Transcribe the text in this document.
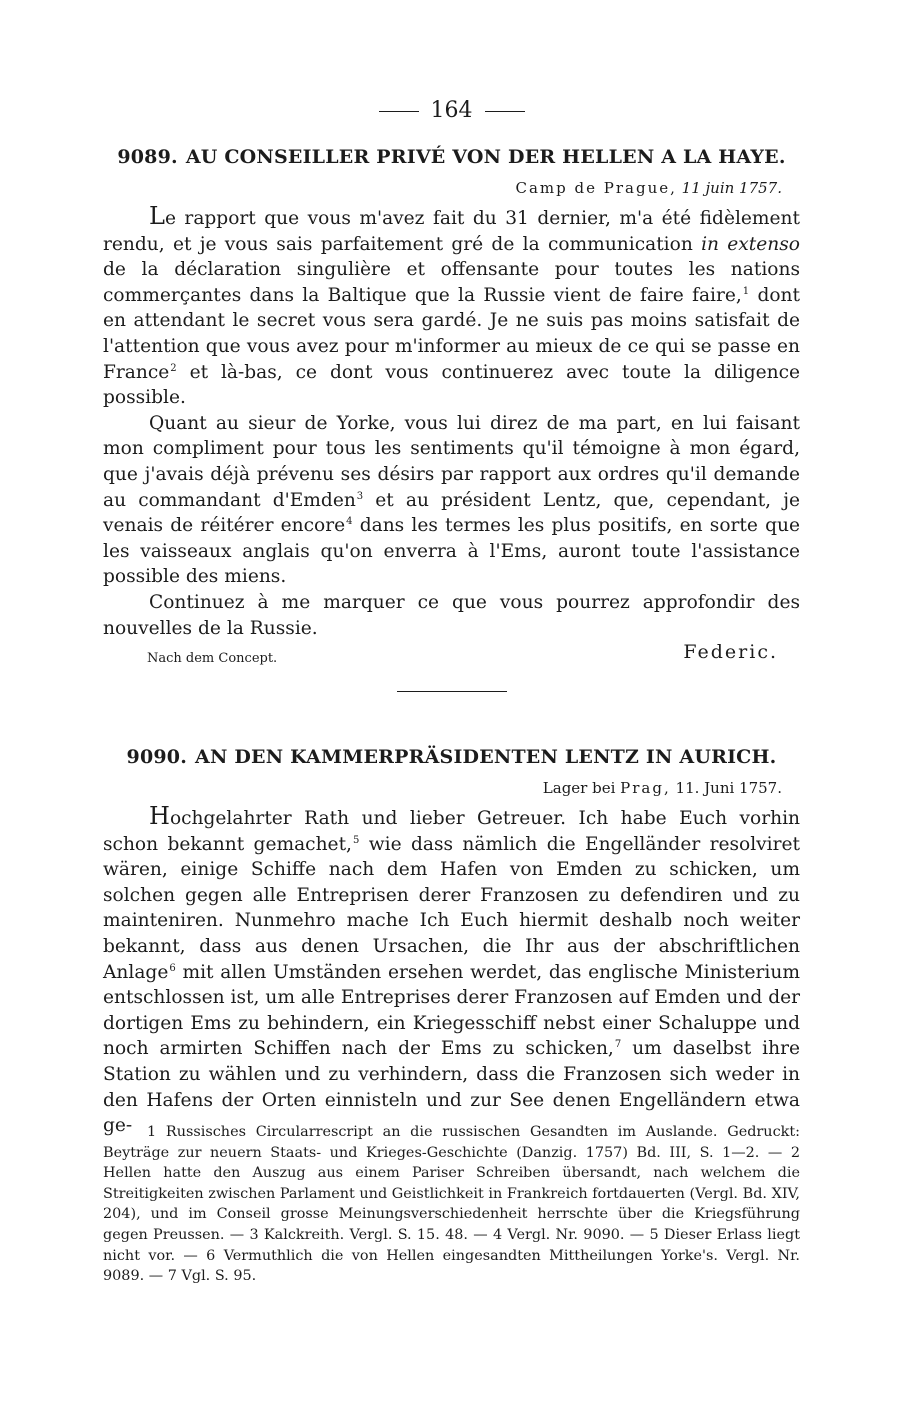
164
9089. AU CONSEILLER PRIVÉ VON DER HELLEN A LA HAYE.
Camp de Prague, 11 juin 1757.

Le rapport que vous m'avez fait du 31 dernier, m'a été fidèlement rendu, et je vous sais parfaitement gré de la communication in extenso de la déclaration singulière et offensante pour toutes les nations commerçantes dans la Baltique que la Russie vient de faire faire,$^1$ dont en attendant le secret vous sera gardé. Je ne suis pas moins satisfait de l'attention que vous avez pour m'informer au mieux de ce qui se passe en France$^2$ et là-bas, ce dont vous continuerez avec toute la diligence possible.

Quant au sieur de Yorke, vous lui direz de ma part, en lui faisant mon compliment pour tous les sentiments qu'il témoigne à mon égard, que j'avais déjà prévenu ses désirs par rapport aux ordres qu'il demande au commandant d'Emden$^3$ et au président Lentz, que, cependant, je venais de réitérer encore$^4$ dans les termes les plus positifs, en sorte que les vaisseaux anglais qu'on enverra à l'Ems, auront toute l'assistance possible des miens.

Continuez à me marquer ce que vous pourrez approfondir des nouvelles de la Russie.

Nach dem Concept.	Federic.
9090. AN DEN KAMMERPRÄSIDENTEN LENTZ IN AURICH.
Lager bei Prag, 11. Juni 1757.

Hochgelahrter Rath und lieber Getreuer. Ich habe Euch vorhin schon bekannt gemachet,$^5$ wie dass nämlich die Engelländer resolviret wären, einige Schiffe nach dem Hafen von Emden zu schicken, um solchen gegen alle Entreprisen derer Franzosen zu defendiren und zu mainteniren. Nunmehro mache Ich Euch hiermit deshalb noch weiter bekannt, dass aus denen Ursachen, die Ihr aus der abschriftlichen Anlage$^6$ mit allen Umständen ersehen werdet, das englische Ministerium entschlossen ist, um alle Entreprises derer Franzosen auf Emden und der dortigen Ems zu behindern, ein Kriegesschiff nebst einer Schaluppe und noch armirten Schiffen nach der Ems zu schicken,$^7$ um daselbst ihre Station zu wählen und zu verhindern, dass die Franzosen sich weder in den Hafens der Orten einnisteln und zur See denen Engelländern etwa ge-	1 Russisches Circularrescript an die russischen Gesandten im Auslande. Gedruckt: Beyträge zur neuern Staats- und Krieges-Geschichte (Danzig. 1757) Bd. III, S. 1—2. — 2 Hellen hatte den Auszug aus einem Pariser Schreiben übersandt, nach welchem die Streitigkeiten zwischen Parlament und Geistlichkeit in Frankreich fortdauerten (Vergl. Bd. XIV, 204), und im Conseil grosse Meinungsverschiedenheit herrschte über die Kriegsführung gegen Preussen. — 3 Kalckreith. Vergl. S. 15. 48. — 4 Vergl. Nr. 9090. — 5 Dieser Erlass liegt nicht vor. — 6 Vermuthlich die von Hellen eingesandten Mittheilungen Yorke's. Vergl. Nr. 9089. — 7 Vgl. S. 95.
